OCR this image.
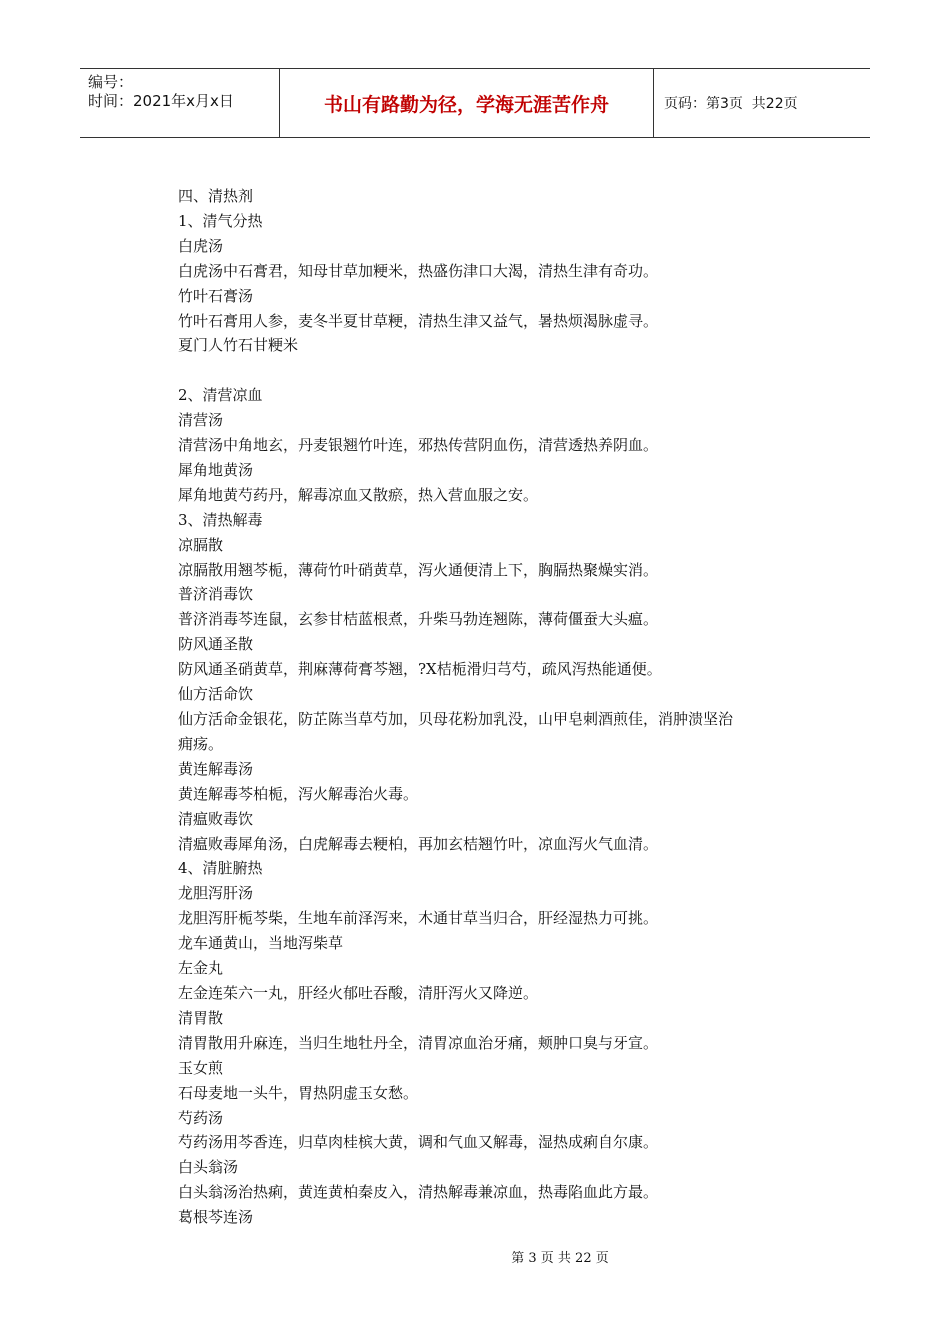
编号：
时间：2021年x月x日	书山有路勤为径，学海无涯苦作舟	页码：第3页  共22页
四、清热剂
1、清气分热
白虎汤
白虎汤中石膏君，知母甘草加粳米，热盛伤津口大渴，清热生津有奇功。
竹叶石膏汤
竹叶石膏用人参，麦冬半夏甘草粳，清热生津又益气，暑热烦渴脉虚寻。
夏门人竹石甘粳米
2、清营凉血
清营汤
清营汤中角地玄，丹麦银翘竹叶连，邪热传营阴血伤，清营透热养阴血。
犀角地黄汤
犀角地黄芍药丹，解毒凉血又散瘀，热入营血服之安。
3、清热解毒
凉膈散
凉膈散用翘芩栀，薄荷竹叶硝黄草，泻火通便清上下，胸膈热聚燥实消。
普济消毒饮
普济消毒芩连鼠，玄参甘桔蓝根煮，升柴马勃连翘陈，薄荷僵蚕大头瘟。
防风通圣散
防风通圣硝黄草，荆麻薄荷膏芩翘，?X桔栀滑归芎芍，疏风泻热能通便。
仙方活命饮
仙方活命金银花，防芷陈当草芍加，贝母花粉加乳没，山甲皂刺酒煎佳，消肿溃坚治
痈疡。
黄连解毒汤
黄连解毒芩柏栀，泻火解毒治火毒。
清瘟败毒饮
清瘟败毒犀角汤，白虎解毒去粳柏，再加玄桔翘竹叶，凉血泻火气血清。
4、清脏腑热
龙胆泻肝汤
龙胆泻肝栀芩柴，生地车前泽泻来，木通甘草当归合，肝经湿热力可挑。
龙车通黄山，当地泻柴草
左金丸
左金连茱六一丸，肝经火郁吐吞酸，清肝泻火又降逆。
清胃散
清胃散用升麻连，当归生地牡丹全，清胃凉血治牙痛，颊肿口臭与牙宣。
玉女煎
石母麦地一头牛，胃热阴虚玉女愁。
芍药汤
芍药汤用芩香连，归草肉桂槟大黄，调和气血又解毒，湿热成痢自尔康。
白头翁汤
白头翁汤治热痢，黄连黄柏秦皮入，清热解毒兼凉血，热毒陷血此方最。
葛根芩连汤
第 3 页 共 22 页
